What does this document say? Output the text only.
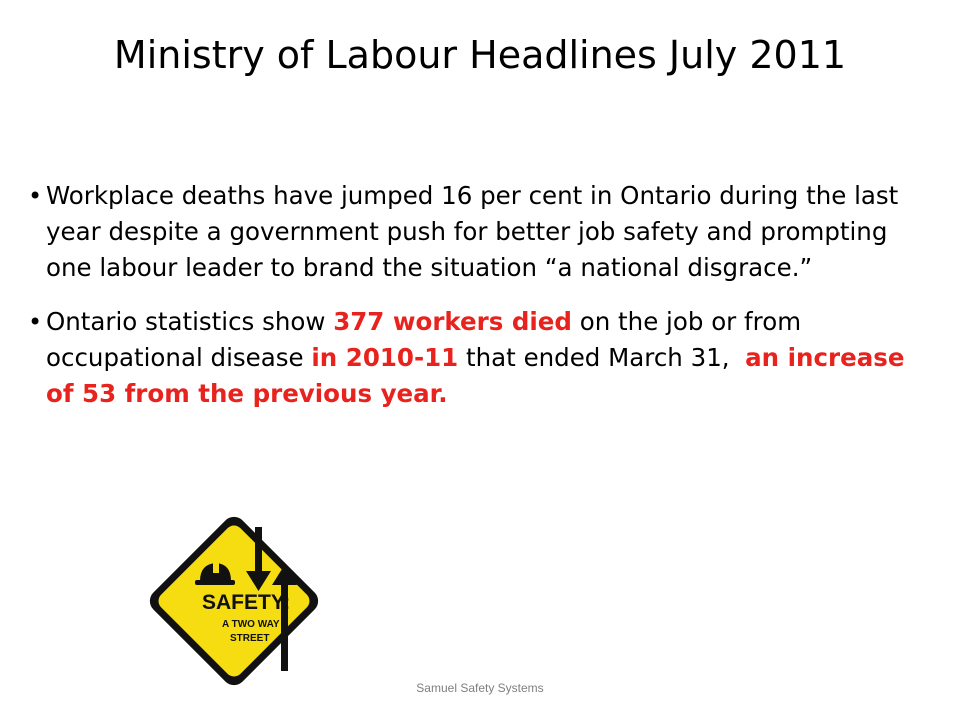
Ministry of Labour Headlines July 2011
• Workplace deaths have jumped 16 per cent in Ontario during the last year despite a government push for better job safety and prompting one labour leader to brand the situation “a national disgrace.”
• Ontario statistics show 377 workers died on the job or from occupational disease in 2010-11 that ended March 31,  an increase of 53 from the previous year.
SAFETY:
A TWO WAY
STREET
Samuel Safety Systems
